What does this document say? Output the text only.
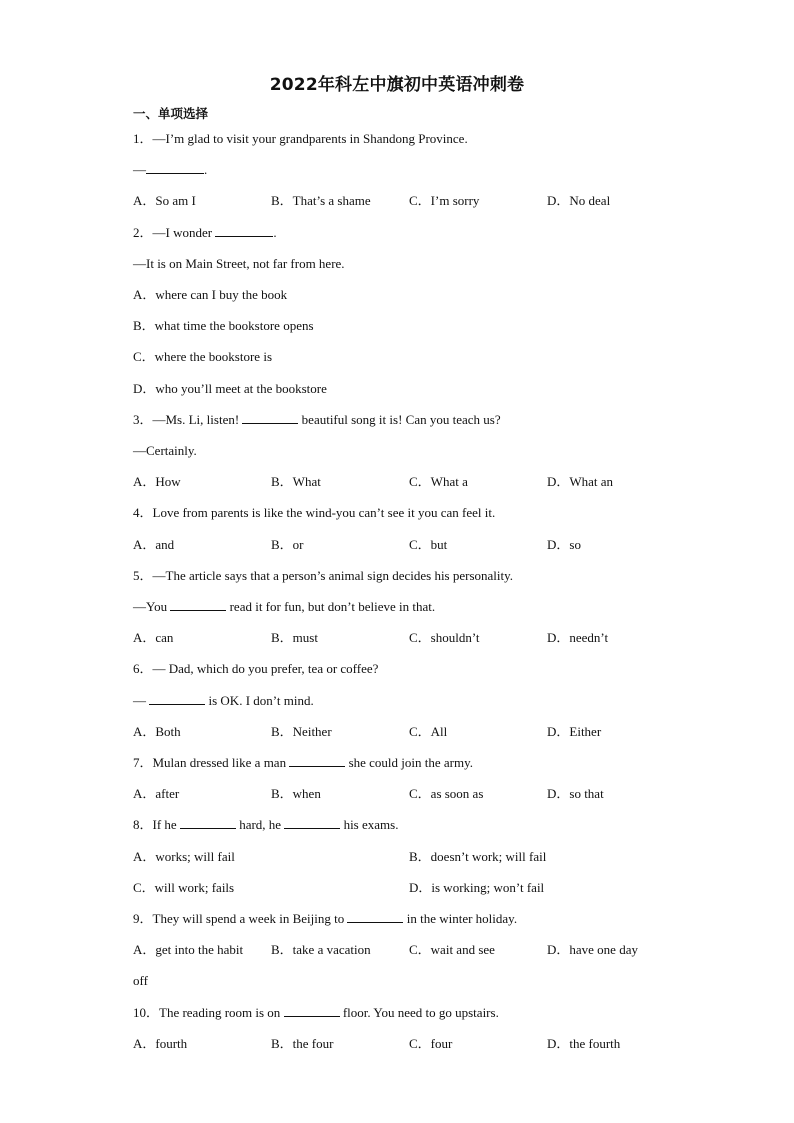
2022年科左中旗初中英语冲刺卷
一、单项选择
1．—I’m glad to visit your grandparents in Shandong Province.
—	.
A．So am I	B．That’s a shame	C．I’m sorry	D．No deal
2．—I wonder	.
—It is on Main Street, not far from here.
A．where can I buy the book
B．what time the bookstore opens
C．where the bookstore is
D．who you’ll meet at the bookstore
3．—Ms. Li, listen!	beautiful song it is! Can you teach us?
—Certainly.
A．How	B．What	C．What a	D．What an
4．Love from parents is like the wind-you can’t see it you can feel it.
A．and	B．or	C．but	D．so
5．—The article says that a person’s animal sign decides his personality.
—You	read it for fun, but don’t believe in that.
A．can	B．must	C．shouldn’t	D．needn’t
6．— Dad, which do you prefer, tea or coffee?
—	is OK. I don’t mind.
A．Both	B．Neither	C．All	D．Either
7．Mulan dressed like a man	she could join the army.
A．after	B．when	C．as soon as	D．so that
8．If he	hard, he	his exams.
A．works; will fail	B．doesn’t work; will fail
C．will work; fails	D．is working; won’t fail
9．They will spend a week in Beijing to	in the winter holiday.
A．get into the habit B．take a vacation	C．wait and see	D．have one day
off
10．The reading room is on	floor. You need to go upstairs.
A．fourth	B．the four	C．four	D．the fourth
